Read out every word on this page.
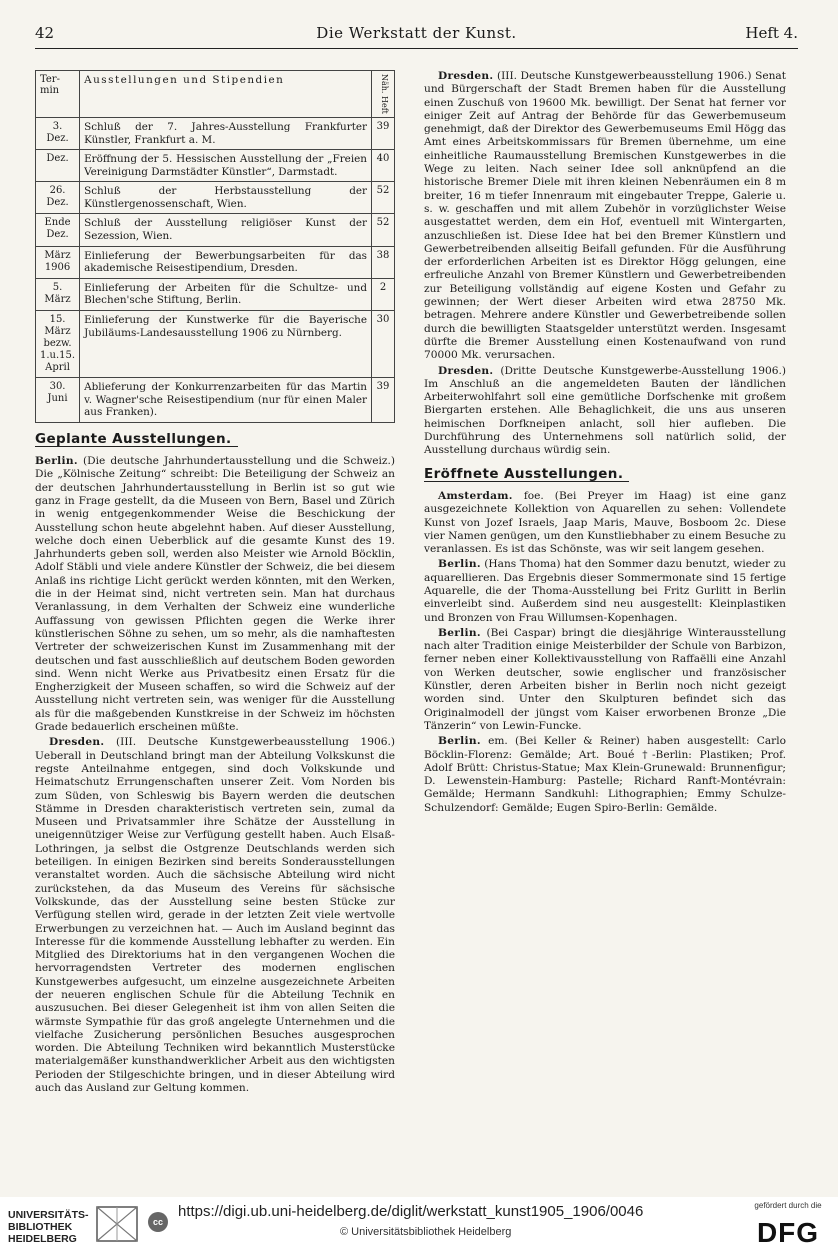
42	Die Werkstatt der Kunst.	Heft 4.
Ter-
min	Ausstellungen und Stipendien	Näh. Heft
3.
Dez.	Schluß der 7. Jahres-Ausstellung Frankfurter Künstler, Frankfurt a. M.	39
Dez.	Eröffnung der 5. Hessischen Ausstellung der „Freien Vereinigung Darmstädter Künstler“, Darmstadt.	40
26.
Dez.	Schluß der Herbstausstellung der Künstlergenossenschaft, Wien.	52
Ende
Dez.	Schluß der Ausstellung religiöser Kunst der Sezession, Wien.	52
März
1906	Einlieferung der Bewerbungsarbeiten für das akademische Reisestipendium, Dresden.	38
5.
März	Einlieferung der Arbeiten für die Schultze- und Blechen'sche Stiftung, Berlin.	2
15.
März
bezw.
1.u.15.
April	Einlieferung der Kunstwerke für die Bayerische Jubiläums-Landesausstellung 1906 zu Nürnberg.	30
30.
Juni	Ablieferung der Konkurrenzarbeiten für das Martin v. Wagner'sche Reisestipendium (nur für einen Maler aus Franken).	39
Geplante Ausstellungen.

Berlin. (Die deutsche Jahrhundertausstellung und die Schweiz.) Die „Kölnische Zeitung“ schreibt: Die Beteiligung der Schweiz an der deutschen Jahrhundertausstellung in Berlin ist so gut wie ganz in Frage gestellt, da die Museen von Bern, Basel und Zürich in wenig entgegenkommender Weise die Beschickung der Ausstellung schon heute abgelehnt haben. Auf dieser Ausstellung, welche doch einen Ueberblick auf die gesamte Kunst des 19. Jahrhunderts geben soll, werden also Meister wie Arnold Böcklin, Adolf Stäbli und viele andere Künstler der Schweiz, die bei diesem Anlaß ins richtige Licht gerückt werden könnten, mit den Werken, die in der Heimat sind, nicht vertreten sein. Man hat durchaus Veranlassung, in dem Verhalten der Schweiz eine wunderliche Auffassung von gewissen Pflichten gegen die Werke ihrer künstlerischen Söhne zu sehen, um so mehr, als die namhaftesten Vertreter der schweizerischen Kunst im Zusammenhang mit der deutschen und fast ausschließlich auf deutschem Boden geworden sind. Wenn nicht Werke aus Privatbesitz einen Ersatz für die Engherzigkeit der Museen schaffen, so wird die Schweiz auf der Ausstellung nicht vertreten sein, was weniger für die Ausstellung als für die maßgebenden Kunstkreise in der Schweiz im höchsten Grade bedauerlich erscheinen müßte.

Dresden. (III. Deutsche Kunstgewerbeausstellung 1906.) Ueberall in Deutschland bringt man der Abteilung Volkskunst die regste Anteilnahme entgegen, sind doch Volkskunde und Heimatschutz Errungenschaften unserer Zeit. Vom Norden bis zum Süden, von Schleswig bis Bayern werden die deutschen Stämme in Dresden charakteristisch vertreten sein, zumal da Museen und Privatsammler ihre Schätze der Ausstellung in uneigennütziger Weise zur Verfügung gestellt haben. Auch Elsaß-Lothringen, ja selbst die Ostgrenze Deutschlands werden sich beteiligen. In einigen Bezirken sind bereits Sonderausstellungen veranstaltet worden. Auch die sächsische Abteilung wird nicht zurückstehen, da das Museum des Vereins für sächsische Volkskunde, das der Ausstellung seine besten Stücke zur Verfügung stellen wird, gerade in der letzten Zeit viele wertvolle Erwerbungen zu verzeichnen hat. — Auch im Ausland beginnt das Interesse für die kommende Ausstellung lebhafter zu werden. Ein Mitglied des Direktoriums hat in den vergangenen Wochen die hervorragendsten Vertreter des modernen englischen Kunstgewerbes aufgesucht, um einzelne ausgezeichnete Arbeiten der neueren englischen Schule für die Abteilung Technik en auszusuchen. Bei dieser Gelegenheit ist ihm von allen Seiten die wärmste Sympathie für das groß angelegte Unternehmen und die vielfache Zusicherung persönlichen Besuches ausgesprochen worden. Die Abteilung Techniken wird bekanntlich Musterstücke materialgemäßer kunsthandwerklicher Arbeit aus den wichtigsten Perioden der Stilgeschichte bringen, und in dieser Abteilung wird auch das Ausland zur Geltung kommen.

Dresden. (III. Deutsche Kunstgewerbeausstellung 1906.) Senat und Bürgerschaft der Stadt Bremen haben für die Ausstellung einen Zuschuß von 19600 Mk. bewilligt. Der Senat hat ferner vor einiger Zeit auf Antrag der Behörde für das Gewerbemuseum genehmigt, daß der Direktor des Gewerbemuseums Emil Högg das Amt eines Arbeitskommissars für Bremen übernehme, um eine einheitliche Raumausstellung Bremischen Kunstgewerbes in die Wege zu leiten. Nach seiner Idee soll anknüpfend an die historische Bremer Diele mit ihren kleinen Nebenräumen ein 8 m breiter, 16 m tiefer Innenraum mit eingebauter Treppe, Galerie u. s. w. geschaffen und mit allem Zubehör in vorzüglichster Weise ausgestattet werden, dem ein Hof, eventuell mit Wintergarten, anzuschließen ist. Diese Idee hat bei den Bremer Künstlern und Gewerbetreibenden allseitig Beifall gefunden. Für die Ausführung der erforderlichen Arbeiten ist es Direktor Högg gelungen, eine erfreuliche Anzahl von Bremer Künstlern und Gewerbetreibenden zur Beteiligung vollständig auf eigene Kosten und Gefahr zu gewinnen; der Wert dieser Arbeiten wird etwa 28750 Mk. betragen. Mehrere andere Künstler und Gewerbetreibende sollen durch die bewilligten Staatsgelder unterstützt werden. Insgesamt dürfte die Bremer Ausstellung einen Kostenaufwand von rund 70000 Mk. verursachen.

Dresden. (Dritte Deutsche Kunstgewerbe-Ausstellung 1906.) Im Anschluß an die angemeldeten Bauten der ländlichen Arbeiterwohlfahrt soll eine gemütliche Dorfschenke mit großem Biergarten erstehen. Alle Behaglichkeit, die uns aus unseren heimischen Dorfkneipen anlacht, soll hier aufleben. Die Durchführung des Unternehmens soll natürlich solid, der Ausstellung durchaus würdig sein.

Eröffnete Ausstellungen.

Amsterdam. foe. (Bei Preyer im Haag) ist eine ganz ausgezeichnete Kollektion von Aquarellen zu sehen: Vollendete Kunst von Jozef Israels, Jaap Maris, Mauve, Bosboom 2c. Diese vier Namen genügen, um den Kunstliebhaber zu einem Besuche zu veranlassen. Es ist das Schönste, was wir seit langem gesehen.

Berlin. (Hans Thoma) hat den Sommer dazu benutzt, wieder zu aquarellieren. Das Ergebnis dieser Sommermonate sind 15 fertige Aquarelle, die der Thoma-Ausstellung bei Fritz Gurlitt in Berlin einverleibt sind. Außerdem sind neu ausgestellt: Kleinplastiken und Bronzen von Frau Willumsen-Kopenhagen.

Berlin. (Bei Caspar) bringt die diesjährige Winterausstellung nach alter Tradition einige Meisterbilder der Schule von Barbizon, ferner neben einer Kollektivausstellung von Raffaëlli eine Anzahl von Werken deutscher, sowie englischer und französischer Künstler, deren Arbeiten bisher in Berlin noch nicht gezeigt worden sind. Unter den Skulpturen befindet sich das Originalmodell der jüngst vom Kaiser erworbenen Bronze „Die Tänzerin“ von Lewin-Funcke.

Berlin. em. (Bei Keller & Reiner) haben ausgestellt: Carlo Böcklin-Florenz: Gemälde; Art. Boué †-Berlin: Plastiken; Prof. Adolf Brütt: Christus-Statue; Max Klein-Grunewald: Brunnenfigur; D. Lewenstein-Hamburg: Pastelle; Richard Ranft-Montévrain: Gemälde; Hermann Sandkuhl: Lithographien; Emmy Schulze-Schulzendorf: Gemälde; Eugen Spiro-Berlin: Gemälde.

UNIVERSITÄTS-
BIBLIOTHEK
HEIDELBERG
cc
https://digi.ub.uni-heidelberg.de/diglit/werkstatt_kunst1905_1906/0046
© Universitätsbibliothek Heidelberg
gefördert durch die
DFG
